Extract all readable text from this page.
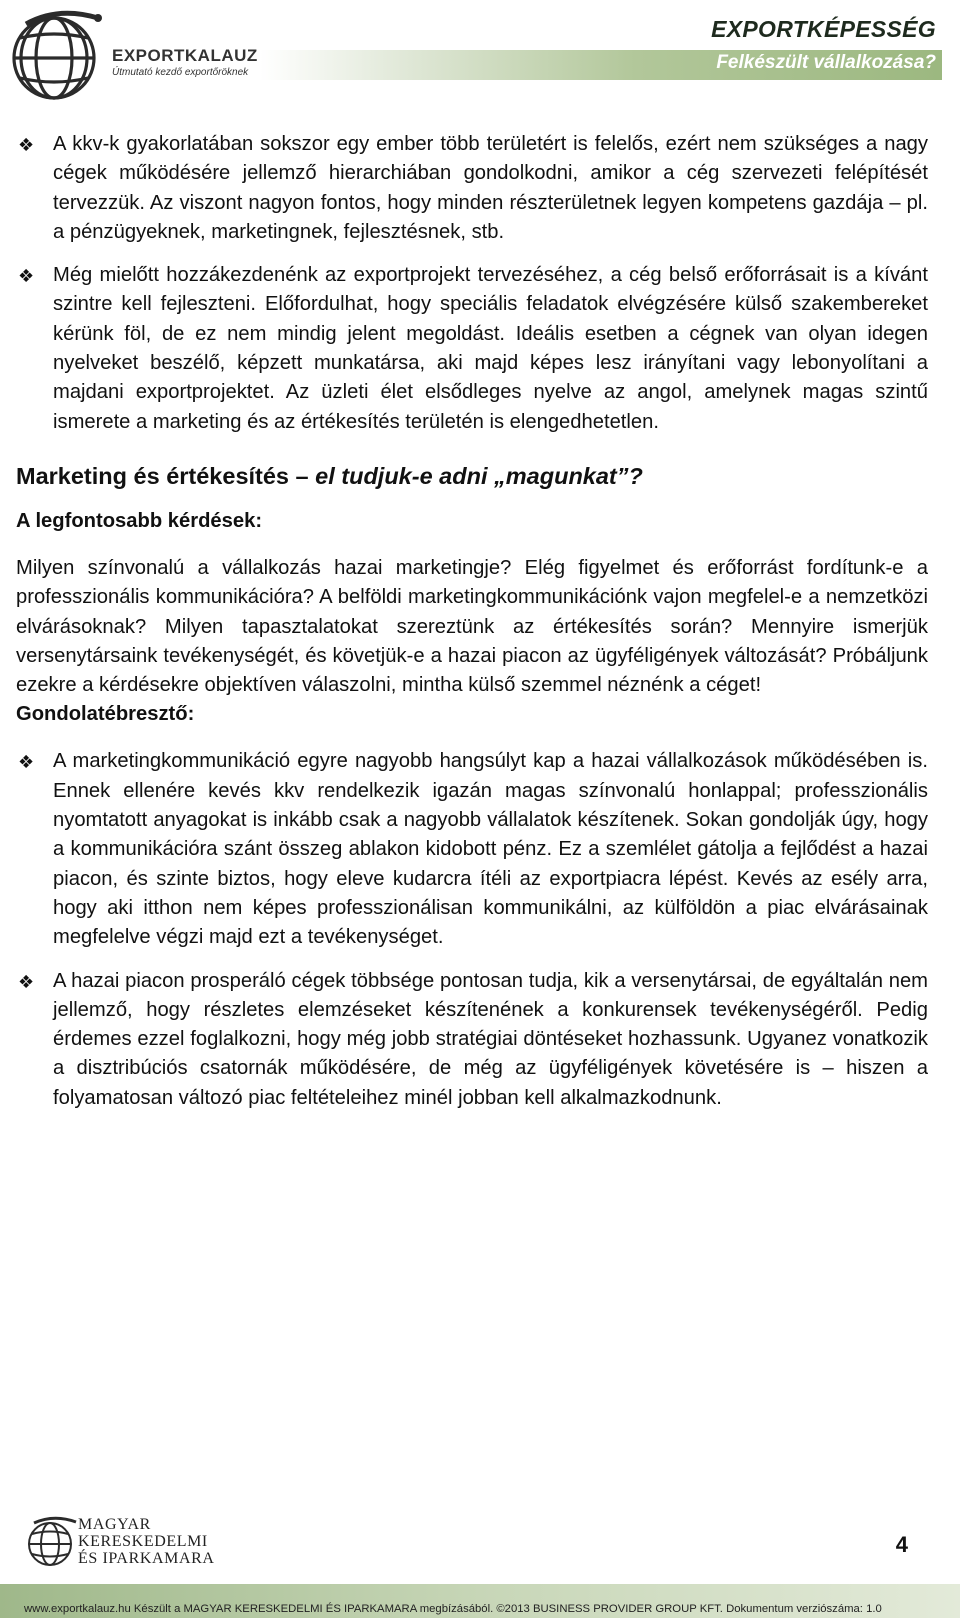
EXPORTKALAUZ
Útmutató kezdő exportőröknek
EXPORTKÉPESSÉG
Felkészült vállalkozása?
❖ A kkv-k gyakorlatában sokszor egy ember több területért is felelős, ezért nem szükséges a nagy cégek működésére jellemző hierarchiában gondolkodni, amikor a cég szervezeti felépítését tervezzük. Az viszont nagyon fontos, hogy minden részterületnek legyen kompetens gazdája – pl. a pénzügyeknek, marketingnek, fejlesztésnek, stb.

❖ Még mielőtt hozzákezdenénk az exportprojekt tervezéséhez, a cég belső erőforrásait is a kívánt szintre kell fejleszteni. Előfordulhat, hogy speciális feladatok elvégzésére külső szakembereket kérünk föl, de ez nem mindig jelent megoldást. Ideális esetben a cégnek van olyan idegen nyelveket beszélő, képzett munkatársa, aki majd képes lesz irányítani vagy lebonyolítani a majdani exportprojektet. Az üzleti élet elsődleges nyelve az angol, amelynek magas szintű ismerete a marketing és az értékesítés területén is elengedhetetlen.

Marketing és értékesítés – el tudjuk-e adni „magunkat”?
A legfontosabb kérdések:

Milyen színvonalú a vállalkozás hazai marketingje? Elég figyelmet és erőforrást fordítunk-e a professzionális kommunikációra? A belföldi marketingkommunikációnk vajon megfelel-e a nemzetközi elvárásoknak? Milyen tapasztalatokat szereztünk az értékesítés során? Mennyire ismerjük versenytársaink tevékenységét, és követjük-e a hazai piacon az ügyféligények változását? Próbáljunk ezekre a kérdésekre objektíven válaszolni, mintha külső szemmel néznénk a céget!

Gondolatébresztő:
❖ A marketingkommunikáció egyre nagyobb hangsúlyt kap a hazai vállalkozások működésében is. Ennek ellenére kevés kkv rendelkezik igazán magas színvonalú honlappal; professzionális nyomtatott anyagokat is inkább csak a nagyobb vállalatok készítenek. Sokan gondolják úgy, hogy a kommunikációra szánt összeg ablakon kidobott pénz. Ez a szemlélet gátolja a fejlődést a hazai piacon, és szinte biztos, hogy eleve kudarcra ítéli az exportpiacra lépést. Kevés az esély arra, hogy aki itthon nem képes professzionálisan kommunikálni, az külföldön a piac elvárásainak megfelelve végzi majd ezt a tevékenységet.

❖ A hazai piacon prosperáló cégek többsége pontosan tudja, kik a versenytársai, de egyáltalán nem jellemző, hogy részletes elemzéseket készítenének a konkurensek tevékenységéről. Pedig érdemes ezzel foglalkozni, hogy még jobb stratégiai döntéseket hozhassunk. Ugyanez vonatkozik a disztribúciós csatornák működésére, de még az ügyféligények követésére is – hiszen a folyamatosan változó piac feltételeihez minél jobban kell alkalmazkodnunk.

MAGYAR
KERESKEDELMI
ÉS IPARKAMARA
4
www.exportkalauz.hu Készült a MAGYAR KERESKEDELMI ÉS IPARKAMARA megbízásából. ©2013 BUSINESS PROVIDER GROUP KFT. Dokumentum verziószáma: 1.0
